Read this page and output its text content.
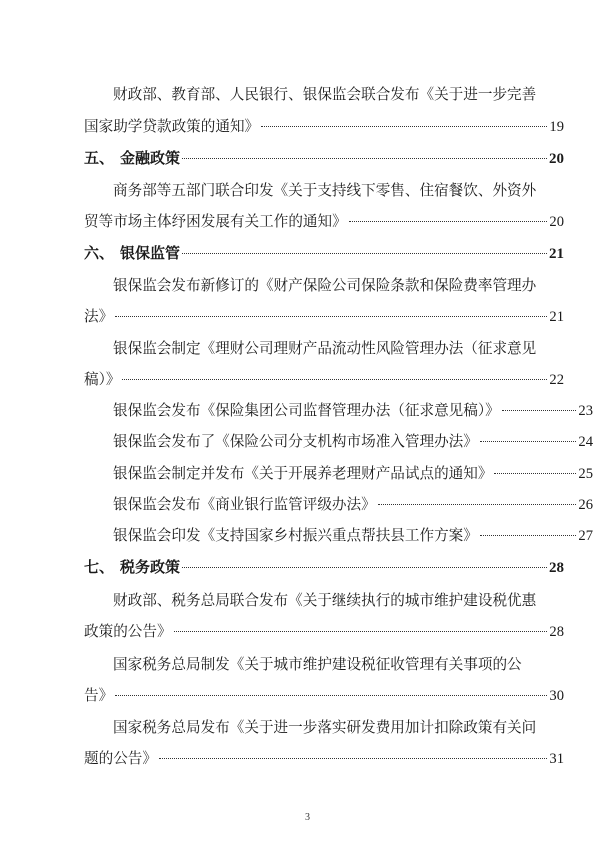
财政部、教育部、人民银行、银保监会联合发布《关于进一步完善
国家助学贷款政策的通知》	19
五、 金融政策	20
商务部等五部门联合印发《关于支持线下零售、住宿餐饮、外资外
贸等市场主体纾困发展有关工作的通知》	20
六、 银保监管	21
银保监会发布新修订的《财产保险公司保险条款和保险费率管理办
法》	21
银保监会制定《理财公司理财产品流动性风险管理办法（征求意见
稿）》	22
银保监会发布《保险集团公司监督管理办法（征求意见稿）》	23
银保监会发布了《保险公司分支机构市场准入管理办法》	24
银保监会制定并发布《关于开展养老理财产品试点的通知》	25
银保监会发布《商业银行监管评级办法》	26
银保监会印发《支持国家乡村振兴重点帮扶县工作方案》	27
七、 税务政策	28
财政部、税务总局联合发布《关于继续执行的城市维护建设税优惠
政策的公告》	28
国家税务总局制发《关于城市维护建设税征收管理有关事项的公
告》	30
国家税务总局发布《关于进一步落实研发费用加计扣除政策有关问
题的公告》	31
3
